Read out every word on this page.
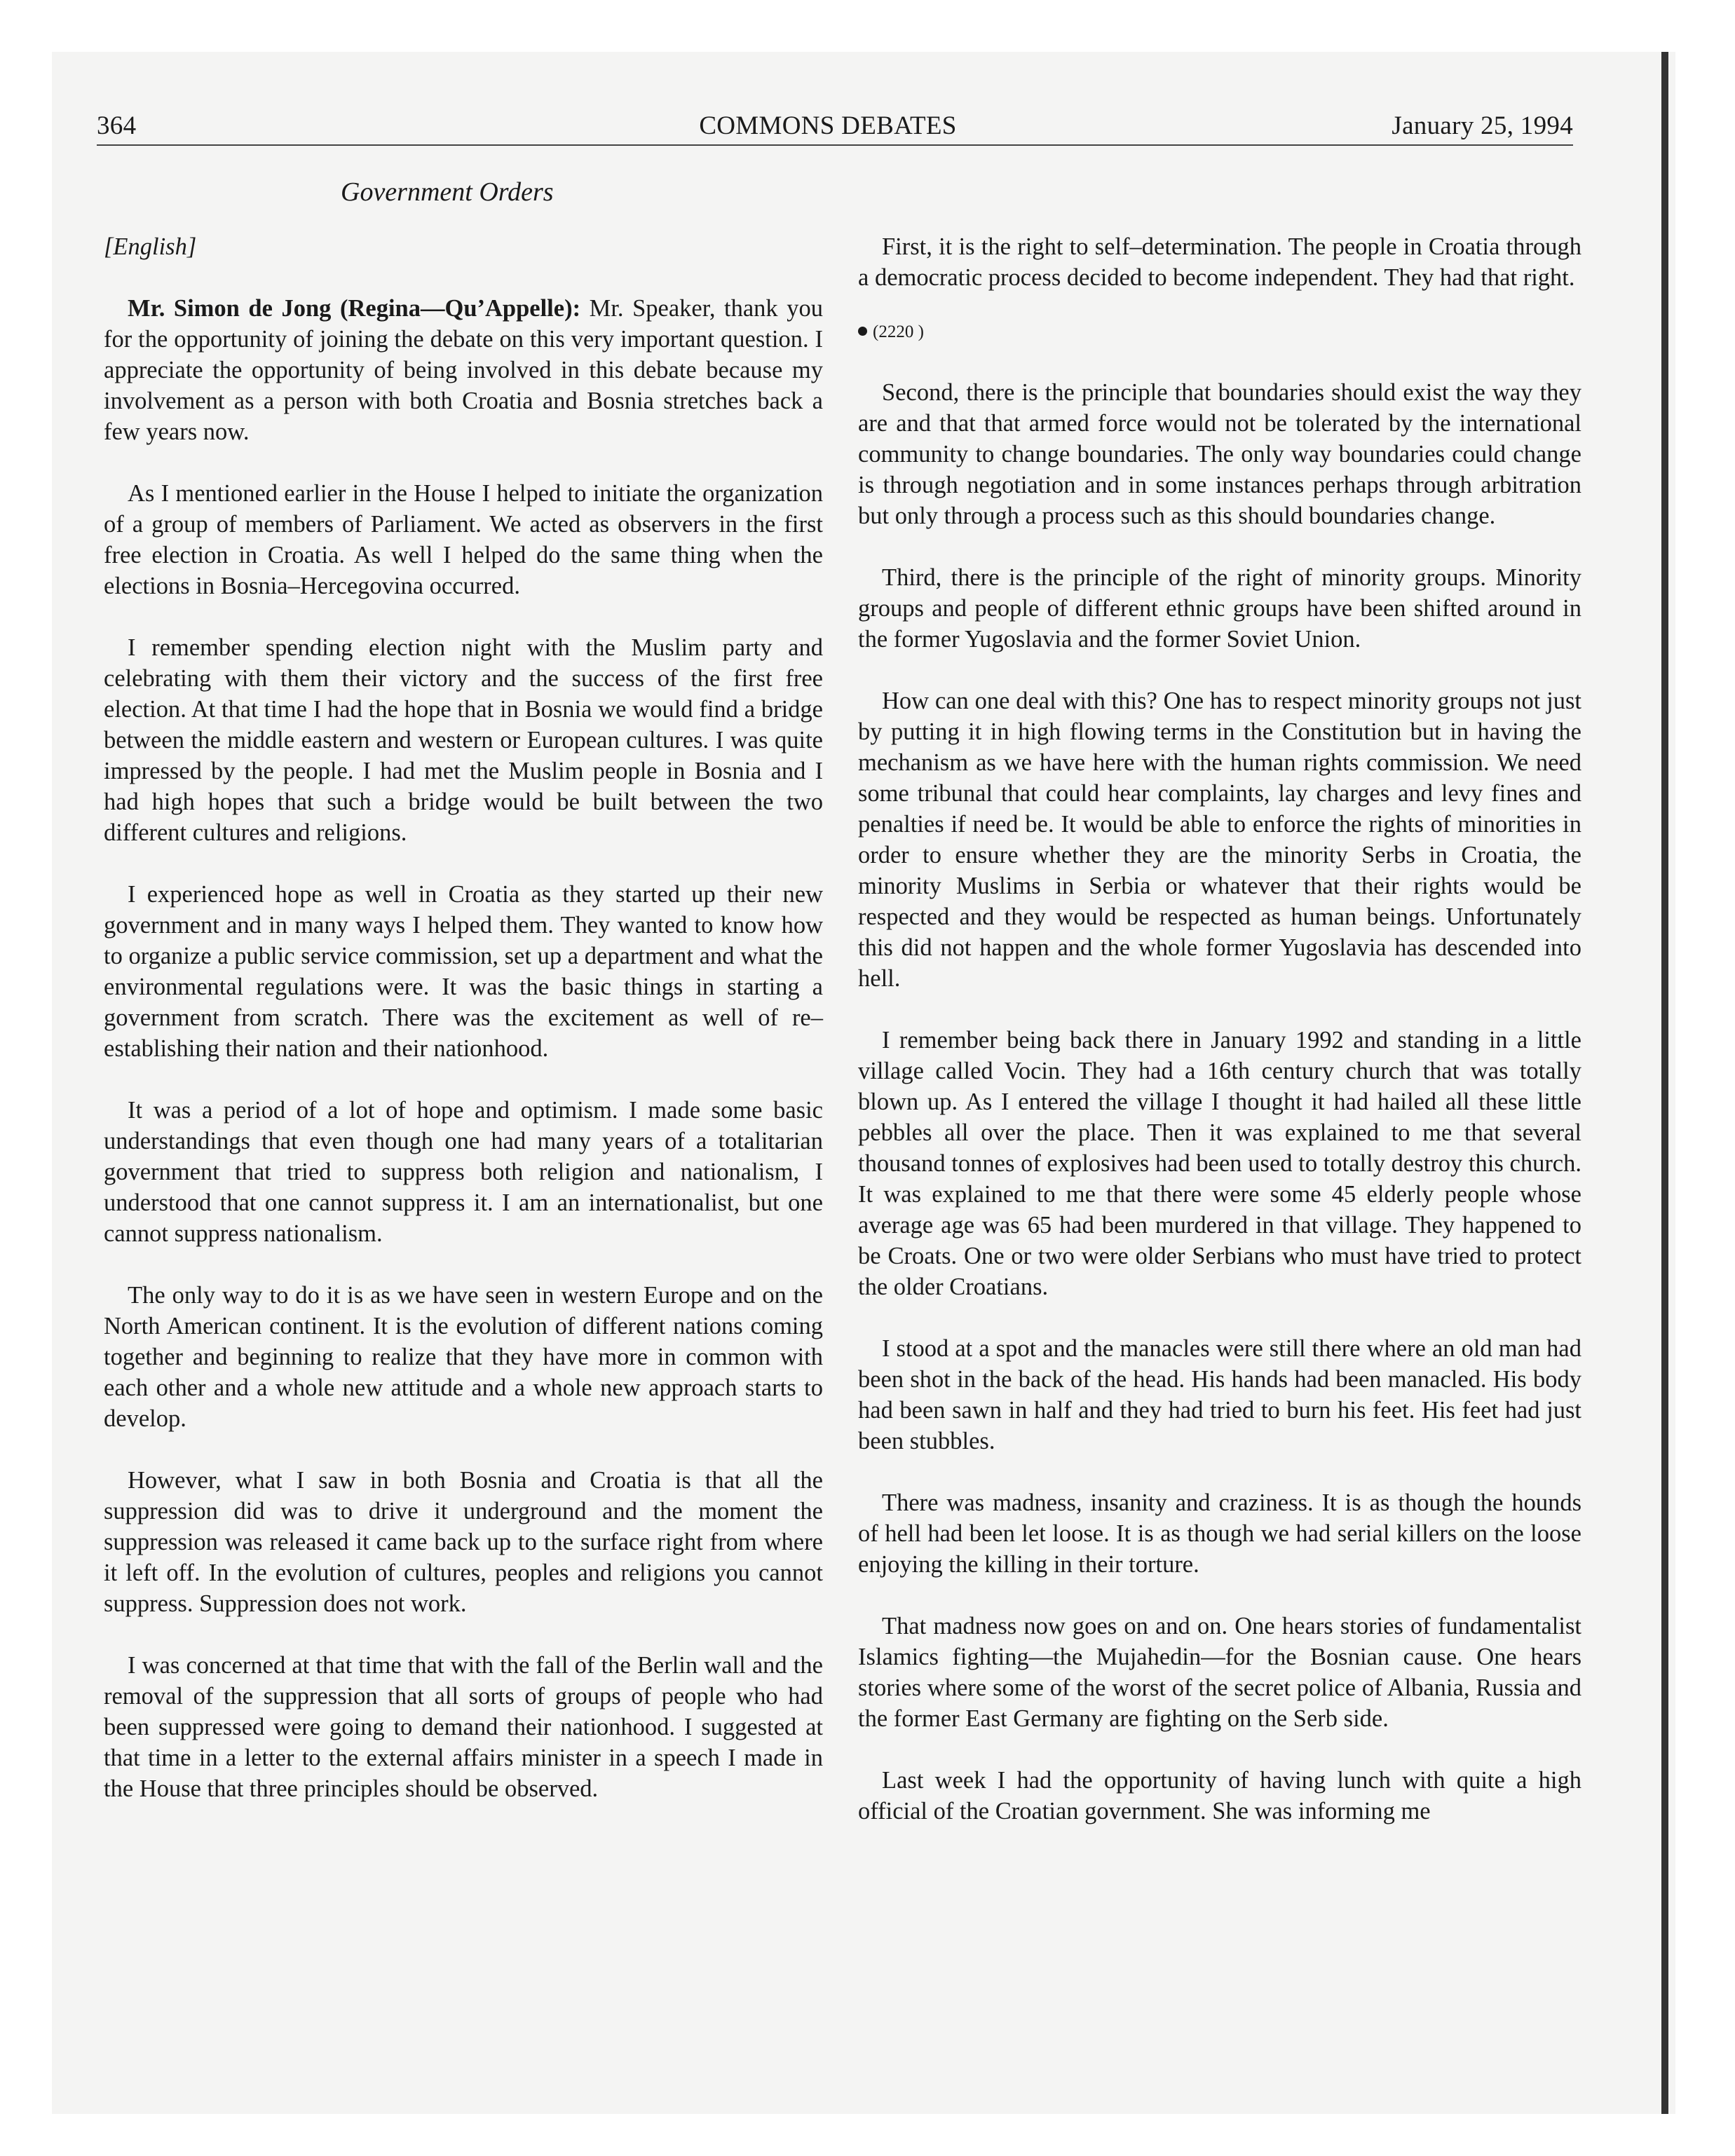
364	COMMONS DEBATES	January 25, 1994
Government Orders

[English]

Mr. Simon de Jong (Regina—Qu’Appelle): Mr. Speaker, thank you for the opportunity of joining the debate on this very important question. I appreciate the opportunity of being involved in this debate because my involvement as a person with both Croatia and Bosnia stretches back a few years now.

As I mentioned earlier in the House I helped to initiate the organization of a group of members of Parliament. We acted as observers in the first free election in Croatia. As well I helped do the same thing when the elections in Bosnia–Hercegovina occurred.

I remember spending election night with the Muslim party and celebrating with them their victory and the success of the first free election. At that time I had the hope that in Bosnia we would find a bridge between the middle eastern and western or European cultures. I was quite impressed by the people. I had met the Muslim people in Bosnia and I had high hopes that such a bridge would be built between the two different cultures and religions.

I experienced hope as well in Croatia as they started up their new government and in many ways I helped them. They wanted to know how to organize a public service commission, set up a department and what the environmental regulations were. It was the basic things in starting a government from scratch. There was the excitement as well of re–establishing their nation and their nationhood.

It was a period of a lot of hope and optimism. I made some basic understandings that even though one had many years of a totalitarian government that tried to suppress both religion and nationalism, I understood that one cannot suppress it. I am an internationalist, but one cannot suppress nationalism.

The only way to do it is as we have seen in western Europe and on the North American continent. It is the evolution of different nations coming together and beginning to realize that they have more in common with each other and a whole new attitude and a whole new approach starts to develop.

However, what I saw in both Bosnia and Croatia is that all the suppression did was to drive it underground and the moment the suppression was released it came back up to the surface right from where it left off. In the evolution of cultures, peoples and religions you cannot suppress. Suppression does not work.

I was concerned at that time that with the fall of the Berlin wall and the removal of the suppression that all sorts of groups of people who had been suppressed were going to demand their nationhood. I suggested at that time in a letter to the external affairs minister in a speech I made in the House that three principles should be observed.

First, it is the right to self–determination. The people in Croatia through a democratic process decided to become independent. They had that right.

(2220 )

Second, there is the principle that boundaries should exist the way they are and that that armed force would not be tolerated by the international community to change boundaries. The only way boundaries could change is through negotiation and in some instances perhaps through arbitration but only through a process such as this should boundaries change.

Third, there is the principle of the right of minority groups. Minority groups and people of different ethnic groups have been shifted around in the former Yugoslavia and the former Soviet Union.

How can one deal with this? One has to respect minority groups not just by putting it in high flowing terms in the Constitution but in having the mechanism as we have here with the human rights commission. We need some tribunal that could hear complaints, lay charges and levy fines and penalties if need be. It would be able to enforce the rights of minorities in order to ensure whether they are the minority Serbs in Croatia, the minority Muslims in Serbia or whatever that their rights would be respected and they would be respected as human beings. Unfortunately this did not happen and the whole former Yugoslavia has descended into hell.

I remember being back there in January 1992 and standing in a little village called Vocin. They had a 16th century church that was totally blown up. As I entered the village I thought it had hailed all these little pebbles all over the place. Then it was explained to me that several thousand tonnes of explosives had been used to totally destroy this church. It was explained to me that there were some 45 elderly people whose average age was 65 had been murdered in that village. They happened to be Croats. One or two were older Serbians who must have tried to protect the older Croatians.

I stood at a spot and the manacles were still there where an old man had been shot in the back of the head. His hands had been manacled. His body had been sawn in half and they had tried to burn his feet. His feet had just been stubbles.

There was madness, insanity and craziness. It is as though the hounds of hell had been let loose. It is as though we had serial killers on the loose enjoying the killing in their torture.

That madness now goes on and on. One hears stories of fundamentalist Islamics fighting—the Mujahedin—for the Bosnian cause. One hears stories where some of the worst of the secret police of Albania, Russia and the former East Germany are fighting on the Serb side.

Last week I had the opportunity of having lunch with quite a high official of the Croatian government. She was informing me
